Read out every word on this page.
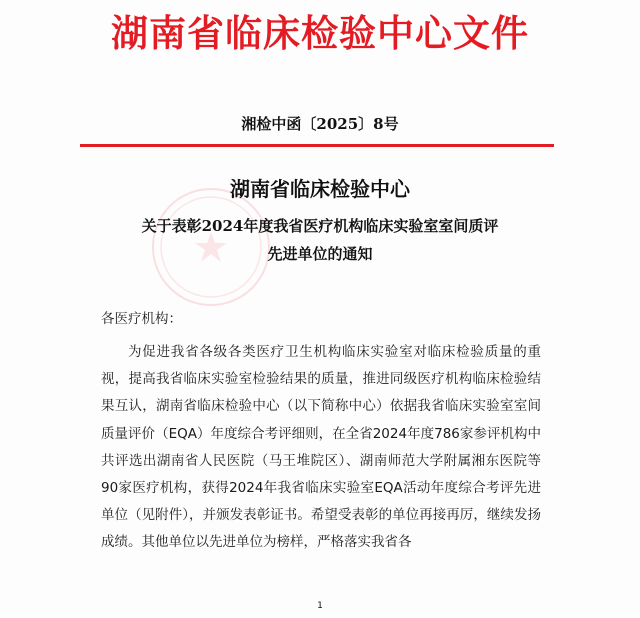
湖南省临床检验中心文件
湘检中函〔2025〕8号
湖南省临床检验中心
关于表彰2024年度我省医疗机构临床实验室室间质评
先进单位的通知
各医疗机构：
为促进我省各级各类医疗卫生机构临床实验室对临床检验质量的重视，提高我省临床实验室检验结果的质量，推进同级医疗机构临床检验结果互认，湖南省临床检验中心（以下简称中心）依据我省临床实验室室间质量评价（EQA）年度综合考评细则，在全省2024年度786家参评机构中共评选出湖南省人民医院（马王堆院区）、湖南师范大学附属湘东医院等90家医疗机构，获得2024年我省临床实验室EQA活动年度综合考评先进单位（见附件），并颁发表彰证书。希望受表彰的单位再接再厉，继续发扬成绩。其他单位以先进单位为榜样，严格落实我省各
1
